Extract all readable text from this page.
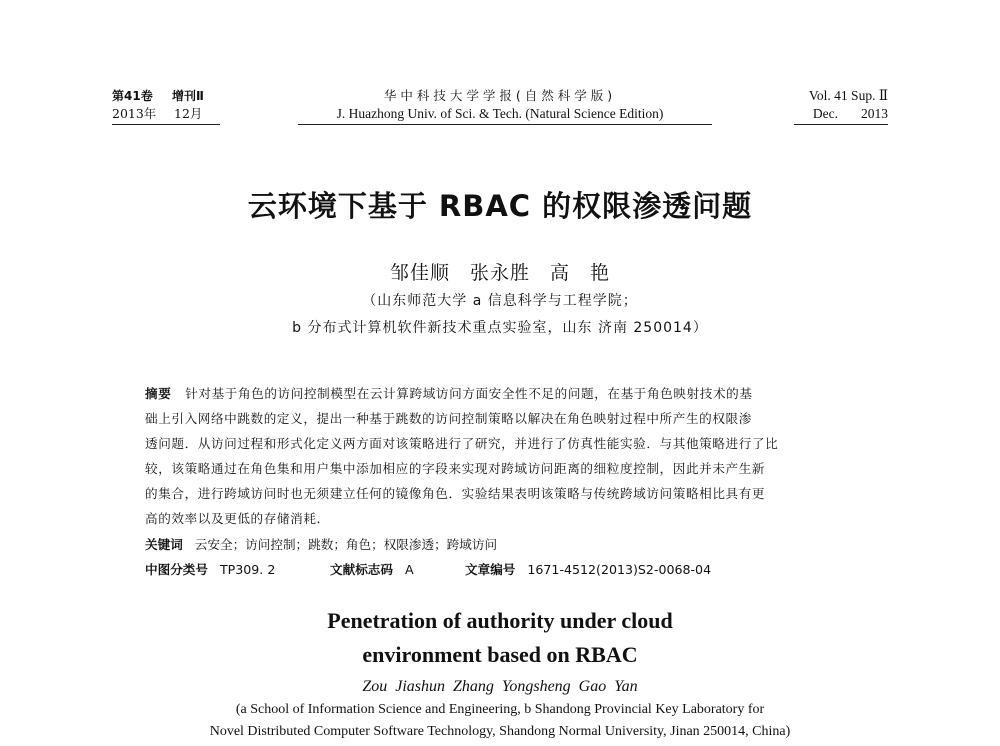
第41卷 增刊Ⅱ
2013年 12月
华中科技大学学报(自然科学版)
J. Huazhong Univ. of Sci. & Tech. (Natural Science Edition)
Vol. 41 Sup. Ⅱ
Dec. 2013
云环境下基于 RBAC 的权限渗透问题
邹佳顺　张永胜　高　艳
（山东师范大学 a 信息科学与工程学院；
b 分布式计算机软件新技术重点实验室，山东 济南 250014）
摘要 针对基于角色的访问控制模型在云计算跨域访问方面安全性不足的问题，在基于角色映射技术的基
础上引入网络中跳数的定义，提出一种基于跳数的访问控制策略以解决在角色映射过程中所产生的权限渗
透问题．从访问过程和形式化定义两方面对该策略进行了研究，并进行了仿真性能实验．与其他策略进行了比
较，该策略通过在角色集和用户集中添加相应的字段来实现对跨域访问距离的细粒度控制，因此并未产生新
的集合，进行跨域访问时也无须建立任何的镜像角色．实验结果表明该策略与传统跨域访问策略相比具有更
高的效率以及更低的存储消耗．
关键词 云安全；访问控制；跳数；角色；权限渗透；跨域访问
中图分类号 TP309. 2	文献标志码 A	文章编号 1671-4512(2013)S2-0068-04
Penetration of authority under cloud
environment based on RBAC
Zou Jiashun Zhang Yongsheng Gao Yan
(a School of Information Science and Engineering, b Shandong Provincial Key Laboratory for
Novel Distributed Computer Software Technology, Shandong Normal University, Jinan 250014, China)
